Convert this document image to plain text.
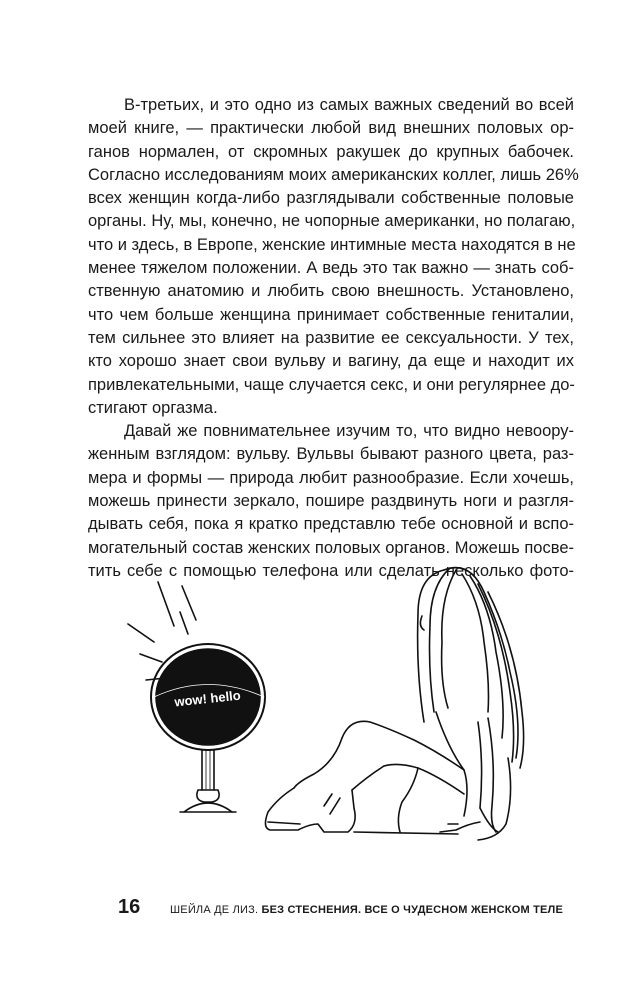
В-третьих, и это одно из самых важных сведений во всей
моей книге, — практически любой вид внешних половых ор-
ганов нормален, от скромных ракушек до крупных бабочек.
Согласно исследованиям моих американских коллег, лишь 26%
всех женщин когда-либо разглядывали собственные половые
органы. Ну, мы, конечно, не чопорные американки, но полагаю,
что и здесь, в Европе, женские интимные места находятся в не
менее тяжелом положении. А ведь это так важно — знать соб-
ственную анатомию и любить свою внешность. Установлено,
что чем больше женщина принимает собственные гениталии,
тем сильнее это влияет на развитие ее сексуальности. У тех,
кто хорошо знает свои вульву и вагину, да еще и находит их
привлекательными, чаще случается секс, и они регулярнее до-
стигают оргазма.

Давай же повнимательнее изучим то, что видно невоору-
женным взглядом: вульву. Вульвы бывают разного цвета, раз-
мера и формы — природа любит разнообразие. Если хочешь,
можешь принести зеркало, пошире раздвинуть ноги и разгля-
дывать себя, пока я кратко представлю тебе основной и вспо-
могательный состав женских половых органов. Можешь посве-
тить себе с помощью телефона или сделать несколько фото-

wow! hello
16	ШЕЙЛА ДЕ ЛИЗ. БЕЗ СТЕСНЕНИЯ. ВСЕ О ЧУДЕСНОМ ЖЕНСКОМ ТЕЛЕ
